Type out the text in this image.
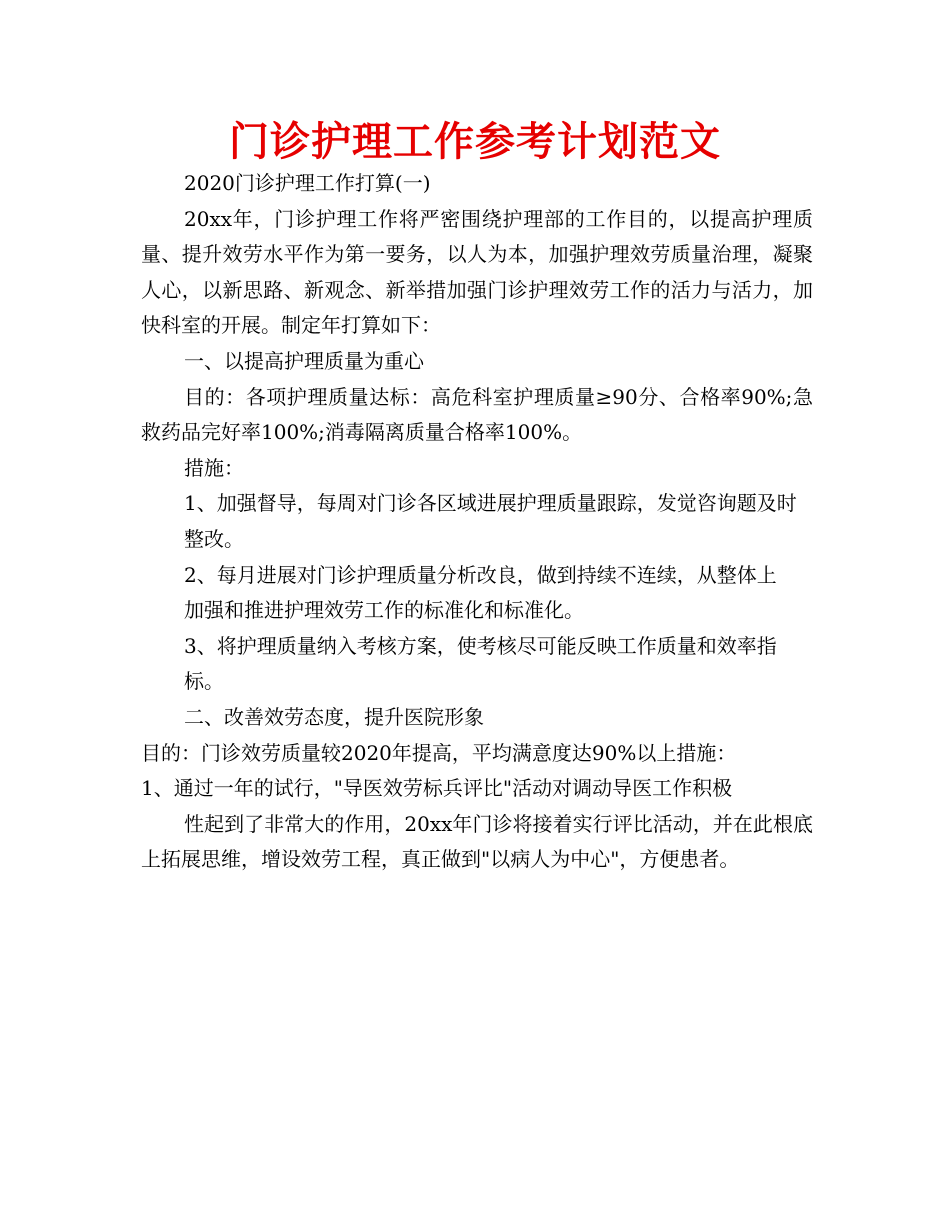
门诊护理工作参考计划范文

2020门诊护理工作打算(一)

20xx年，门诊护理工作将严密围绕护理部的工作目的，以提高护理质量、提升效劳水平作为第一要务，以人为本，加强护理效劳质量治理，凝聚人心，以新思路、新观念、新举措加强门诊护理效劳工作的活力与活力，加快科室的开展。制定年打算如下：

一、以提高护理质量为重心

目的：各项护理质量达标：高危科室护理质量≥90分、合格率90%;急救药品完好率100%;消毒隔离质量合格率100%。

措施：

1、加强督导，每周对门诊各区域进展护理质量跟踪，发觉咨询题及时

整改。

2、每月进展对门诊护理质量分析改良，做到持续不连续，从整体上

加强和推进护理效劳工作的标准化和标准化。

3、将护理质量纳入考核方案，使考核尽可能反映工作质量和效率指

标。

二、改善效劳态度，提升医院形象

目的：门诊效劳质量较2020年提高，平均满意度达90%以上措施：

1、通过一年的试行，"导医效劳标兵评比"活动对调动导医工作积极

性起到了非常大的作用，20xx年门诊将接着实行评比活动，并在此根底上拓展思维，增设效劳工程，真正做到"以病人为中心"，方便患者。
